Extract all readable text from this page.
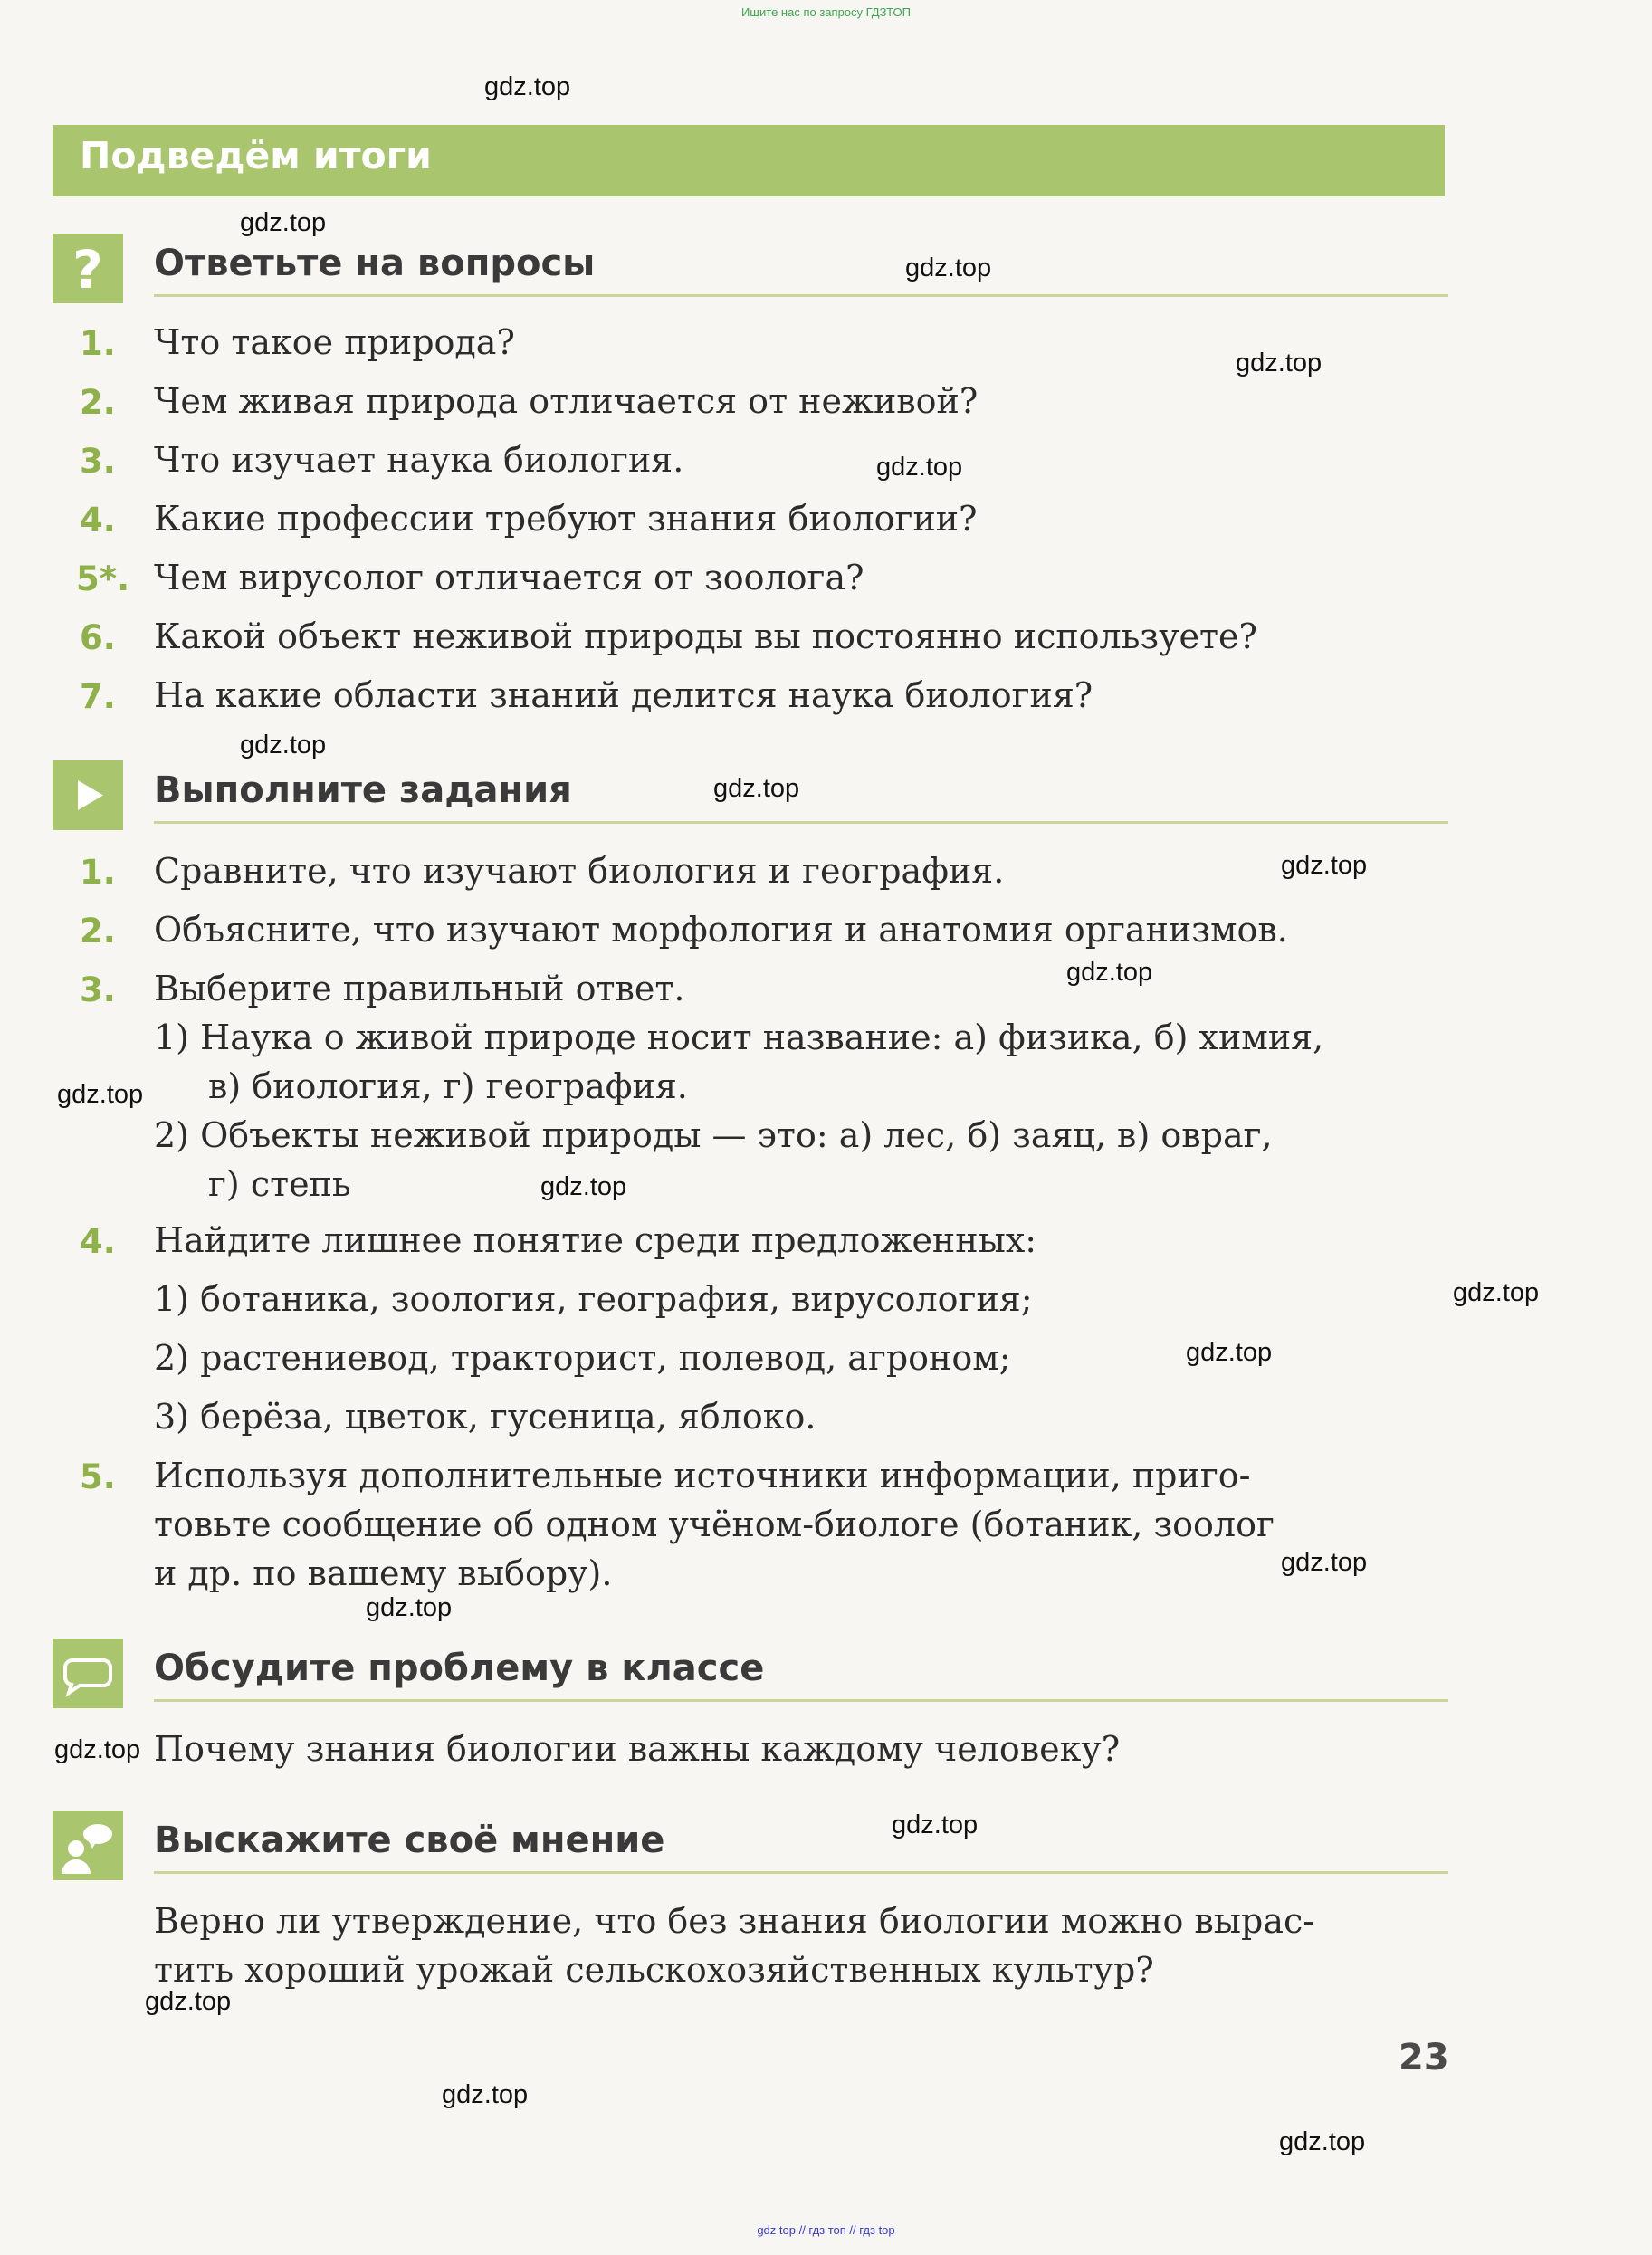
Ищите нас по запросу ГДЗТОП
Подведём итоги
? Ответьте на вопросы
1. Что такое природа?
2. Чем живая природа отличается от неживой?
3. Что изучает наука биология.
4. Какие профессии требуют знания биологии?
5*. Чем вирусолог отличается от зоолога?
6. Какой объект неживой природы вы постоянно используете?
7. На какие области знаний делится наука биология?
Выполните задания
1. Сравните, что изучают биология и география.
2. Объясните, что изучают морфология и анатомия организмов.
3. Выберите правильный ответ.
1) Наука о живой природе носит название: а) физика, б) химия,
в) биология, г) география.
2) Объекты неживой природы — это: а) лес, б) заяц, в) овраг,
г) степь
4. Найдите лишнее понятие среди предложенных:
1) ботаника, зоология, география, вирусология;
2) растениевод, тракторист, полевод, агроном;
3) берёза, цветок, гусеница, яблоко.
5. Используя дополнительные источники информации, приго-
товьте сообщение об одном учёном-биологе (ботаник, зоолог
и др. по вашему выбору).
Обсудите проблему в классе
Почему знания биологии важны каждому человеку?
Выскажите своё мнение
Верно ли утверждение, что без знания биологии можно вырас-
тить хороший урожай сельскохозяйственных культур?
23
gdz.top
gdz.top
gdz.top
gdz.top
gdz.top
gdz.top
gdz.top
gdz.top
gdz.top
gdz.top
gdz.top
gdz.top
gdz.top
gdz.top
gdz.top
gdz.top
gdz.top
gdz.top
gdz.top
gdz.top
gdz top // гдз топ // гдз top
